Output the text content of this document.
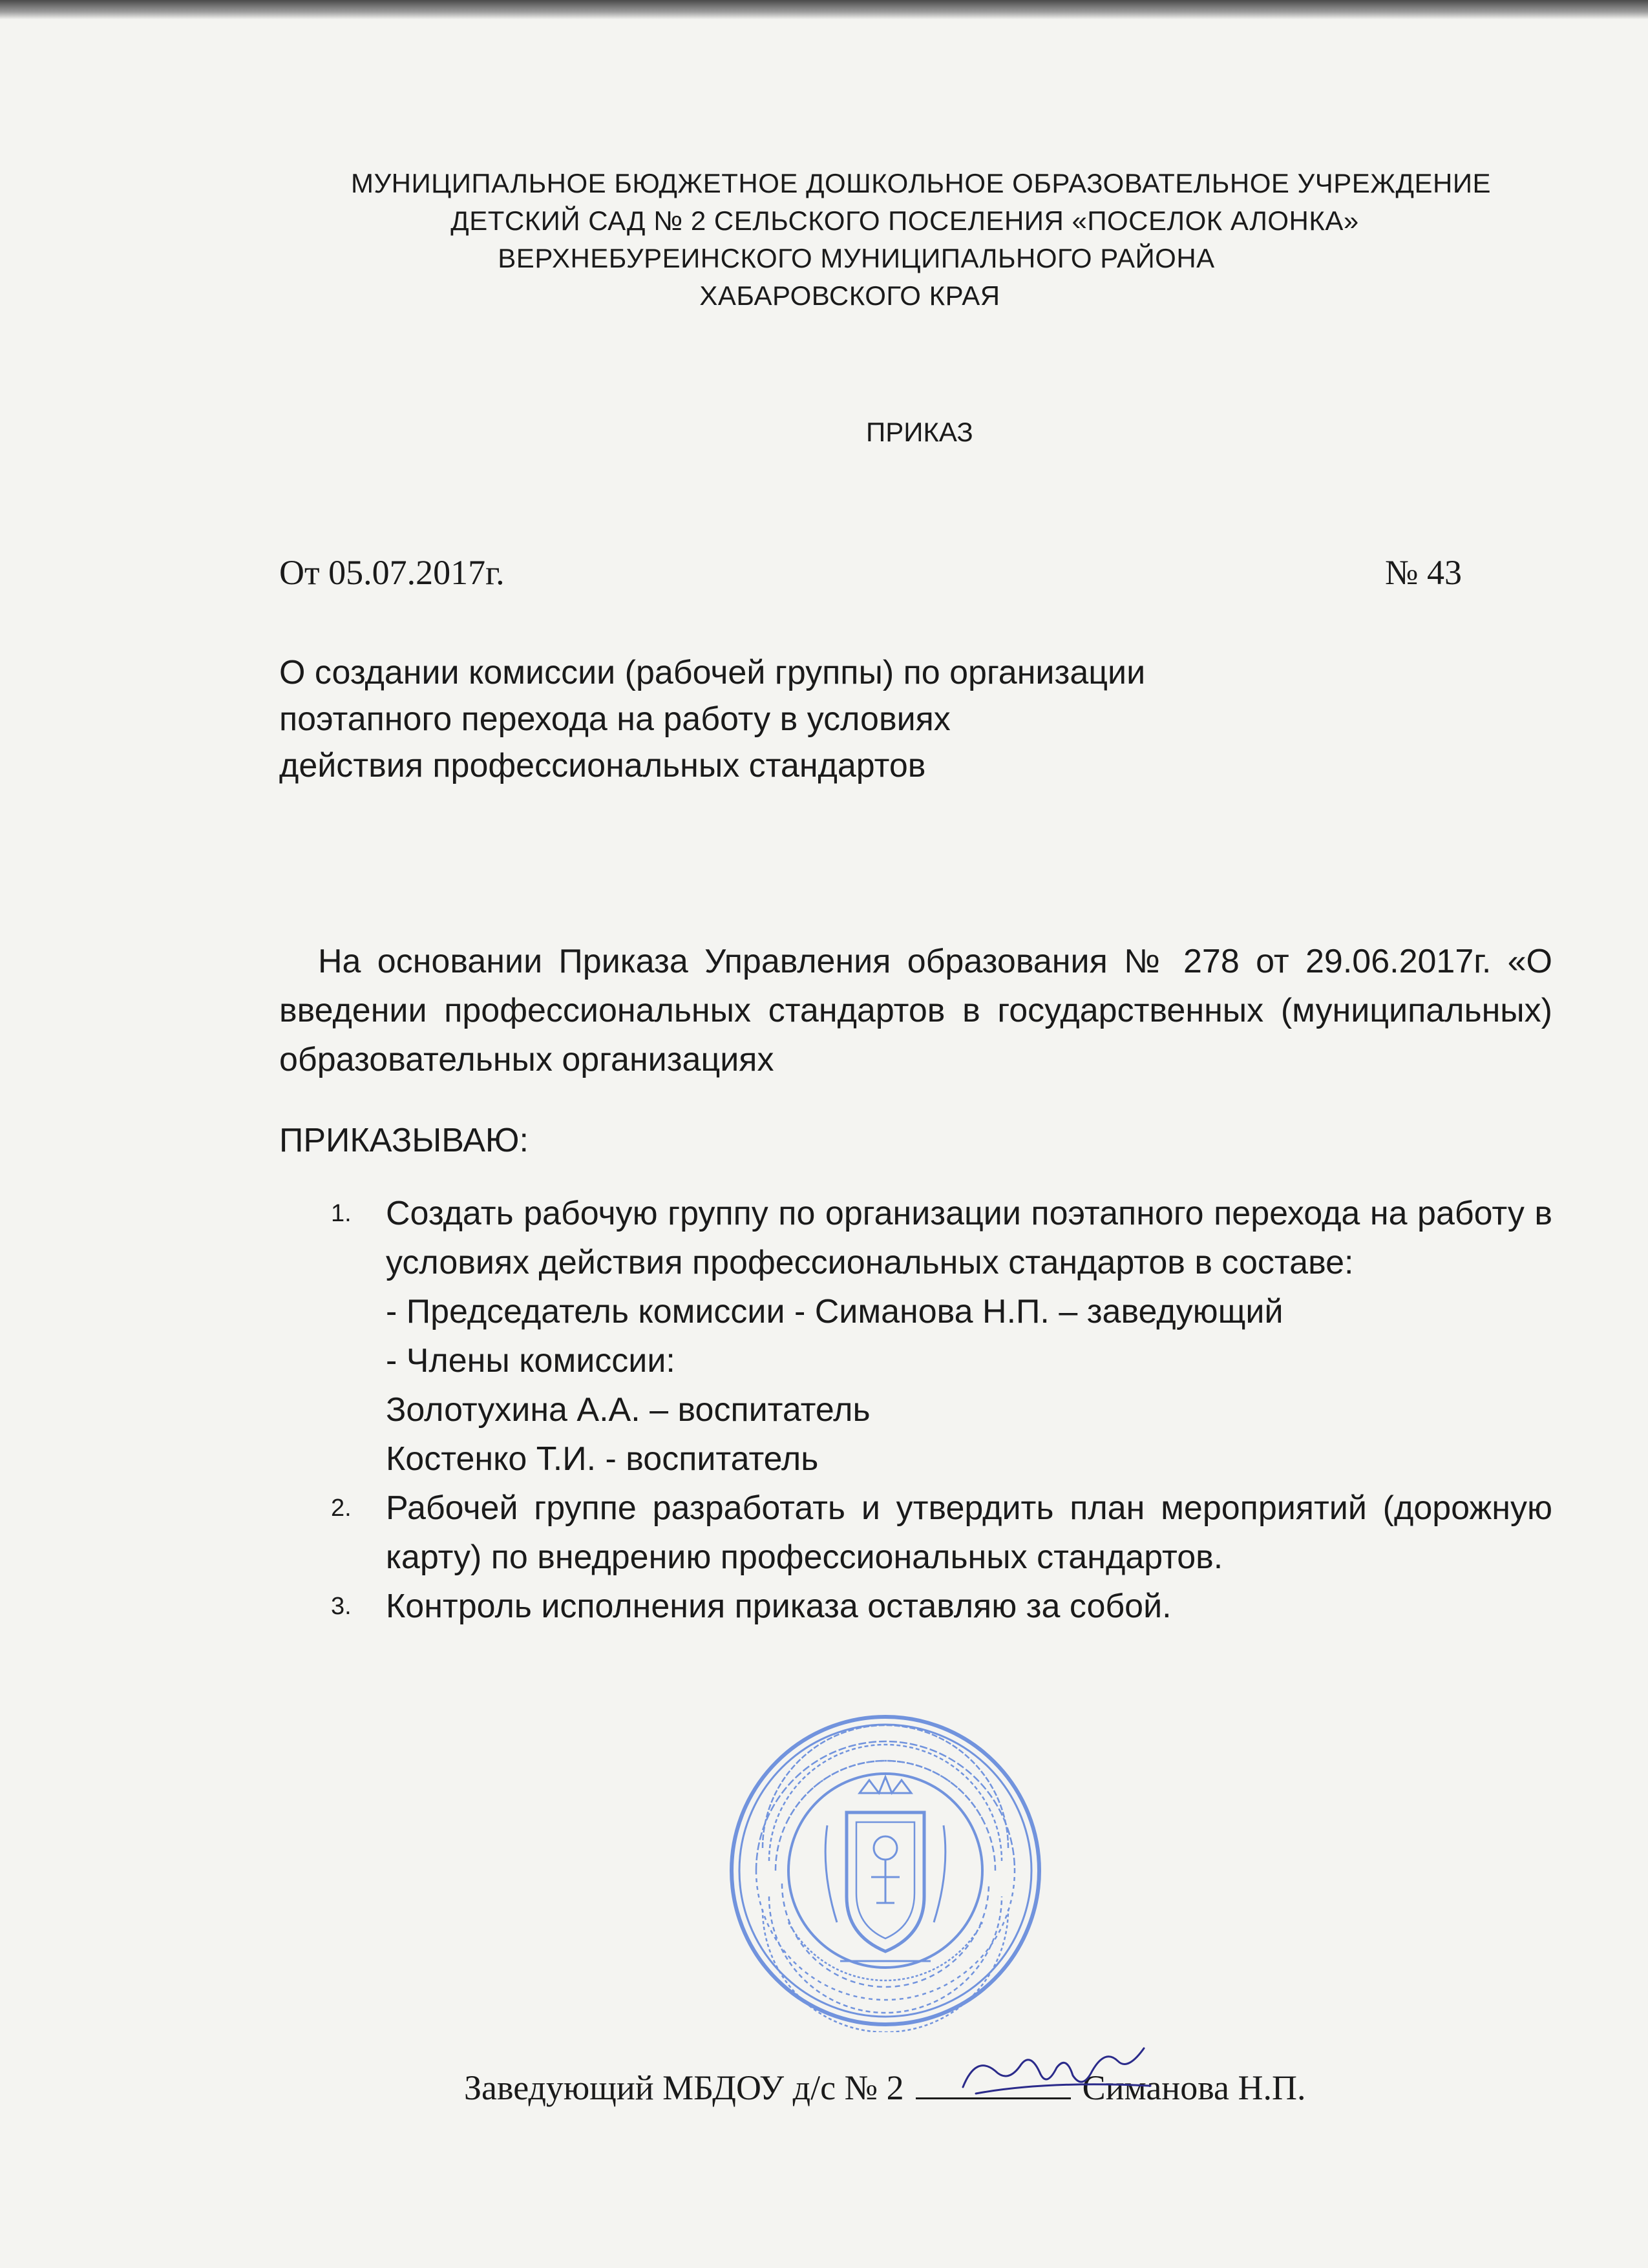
МУНИЦИПАЛЬНОЕ БЮДЖЕТНОЕ ДОШКОЛЬНОЕ ОБРАЗОВАТЕЛЬНОЕ УЧРЕЖДЕНИЕ
ДЕТСКИЙ САД № 2 СЕЛЬСКОГО ПОСЕЛЕНИЯ «ПОСЕЛОК АЛОНКА»
ВЕРХНЕБУРЕИНСКОГО МУНИЦИПАЛЬНОГО РАЙОНА
ХАБАРОВСКОГО КРАЯ
ПРИКАЗ
От 05.07.2017г.	№ 43
О создании комиссии (рабочей группы) по организации
поэтапного перехода на работу в условиях
действия профессиональных стандартов
На основании Приказа Управления образования № 278 от 29.06.2017г. «О введении профессиональных стандартов в государственных (муниципальных) образовательных организациях
ПРИКАЗЫВАЮ:
1. Создать рабочую группу по организации поэтапного перехода на работу в условиях действия профессиональных стандартов в составе:
- Председатель комиссии - Симанова Н.П. – заведующий
- Члены комиссии:
Золотухина А.А. – воспитатель
Костенко Т.И. - воспитатель
2. Рабочей группе разработать и утвердить план мероприятий (дорожную карту) по внедрению профессиональных стандартов.
3. Контроль исполнения приказа оставляю за собой.
Заведующий МБДОУ д/с № 2	Симанова Н.П.
